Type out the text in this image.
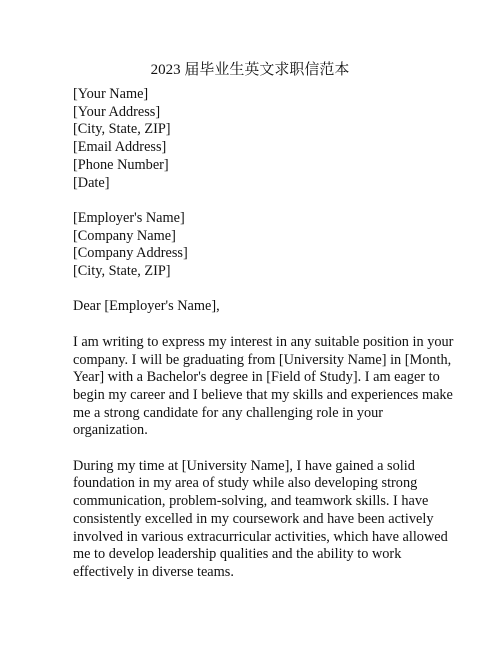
2023 届毕业生英文求职信范本
[Your Name]
[Your Address]
[City, State, ZIP]
[Email Address]
[Phone Number]
[Date]
[Employer's Name]
[Company Name]
[Company Address]
[City, State, ZIP]
Dear [Employer's Name],

I am writing to express my interest in any suitable position in your

company. I will be graduating from [University Name] in [Month,

Year] with a Bachelor's degree in [Field of Study]. I am eager to

begin my career and I believe that my skills and experiences make

me a strong candidate for any challenging role in your

organization.

During my time at [University Name], I have gained a solid

foundation in my area of study while also developing strong

communication, problem-solving, and teamwork skills. I have

consistently excelled in my coursework and have been actively

involved in various extracurricular activities, which have allowed

me to develop leadership qualities and the ability to work

effectively in diverse teams.
